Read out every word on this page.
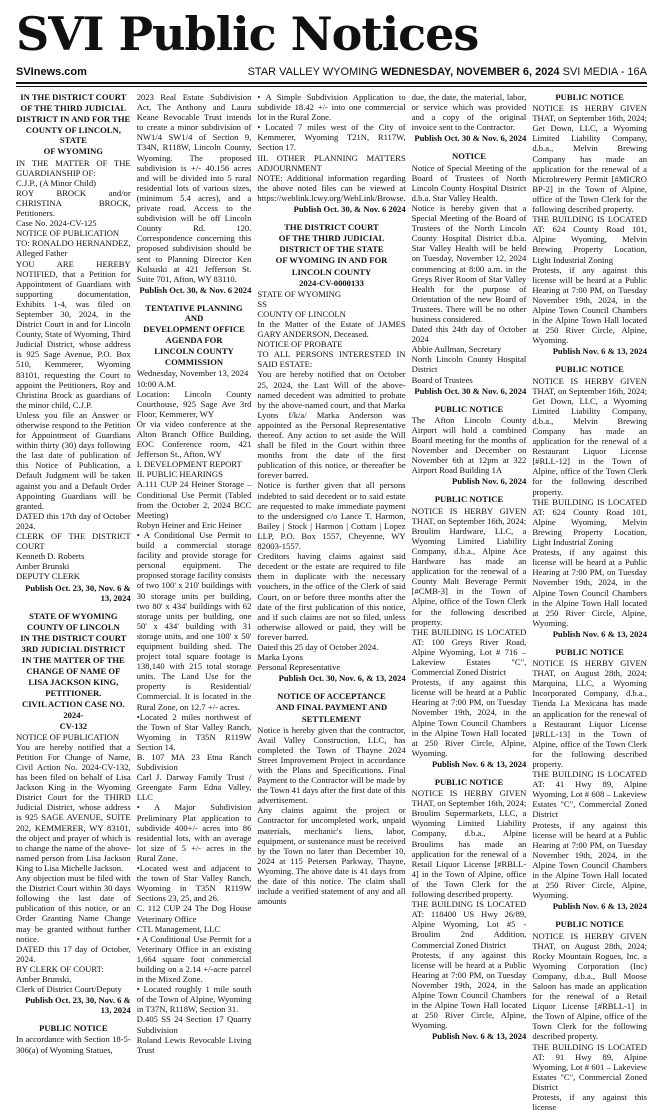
SVI Public Notices
SVInews.com	STAR VALLEY WYOMING WEDNESDAY, NOVEMBER 6, 2024 SVI MEDIA - 16A
IN THE DISTRICT COURT
OF THE THIRD JUDICIAL
DISTRICT IN AND FOR THE
COUNTY OF LINCOLN, STATE
OF WYOMING
IN THE MATTER OF THE GUARDIANSHIP OF:
C.J.P., (A Minor Child)
ROY BROCK and/or CHRISTINA BROCK, Petitioners.
Case No. 2024-CV-125
NOTICE OF PUBLICATION
TO: RONALDO HERNANDEZ, Alleged Father
YOU ARE HEREBY NOTIFIED, that a Petition for Appointment of Guardians with supporting documentation, Exhibits 1-4, was filed on September 30, 2024, in the District Court in and for Lincoln County, State of Wyoming, Third Judicial District, whose address is 925 Sage Avenue, P.O. Box 510, Kemmerer, Wyoming 83101, requesting the Court to appoint the Petitioners, Roy and Christina Brock as guardians of the minor child, C.J.P.
Unless you file an Answer or otherwise respond to the Petition for Appointment of Guardians within thirty (30) days following the last date of publication of this Notice of Publication, a Default Judgment will be taken against you and a Default Order Appointing Guardians will be granted.
DATED this 17th day of October 2024.
CLERK OF THE DISTRICT COURT
Kenneth D. Roberts
Amber Brunski
DEPUTY CLERK
Publish Oct. 23, 30, Nov. 6 & 13, 2024
STATE OF WYOMING
COUNTY OF LINCOLN
IN THE DISTRICT COURT
3RD JUDICIAL DISTRICT
IN THE MATTER OF THE
CHANGE OF NAME OF
LISA JACKSON KING,
PETITIONER.
CIVIL ACTION CASE NO. 2024-
CV-132
NOTICE OF PUBLICATION
You are hereby notified that a Petition For Change of Name, Civil Action No. 2024-CV-132, has been filed on behalf of Lisa Jackson King in the Wyoming District Court for the THIRD Judicial District, whose address is 925 SAGE AVENUE, SUITE 202, KEMMERER, WY 83101, the object and prayer of which is to change the name of the above-named person from Lisa Jackson King to Lisa Michelle Jackson.
Any objection must be filed with the District Court within 30 days following the last date of publication of this notice, or an Order Granting Name Change may be granted without further notice.
DATED this 17 day of October, 2024.
BY CLERK OF COURT:
Amber Brunski,
Clerk of District Court/Deputy
Publish Oct. 23, 30, Nov. 6 & 13, 2024
PUBLIC NOTICE
In accordance with Section 18-5-306(a) of Wyoming Statues,
2023 Real Estate Subdivision Act, The Anthony and Laura Keane Revocable Trust intends to create a minor subdivision of NW1/4 SW1/4 of Section 9, T34N, R118W, Lincoln County, Wyoming. The proposed subdivision is +/- 40.156 acres and will be divided into 5 rural residential lots of various sizes, (minimum 5.4 acres), and a private road. Access to the subdivision will be off Lincoln County Rd. 120. Correspondence concerning this proposed subdivision should be sent to Planning Director Ken Kulsuski at 421 Jefferson St. Suite 701, Afton, WY 83110.
Publish Oct. 30, & Nov. 6 2024
TENTATIVE PLANNING AND
DEVELOPMENT OFFICE
AGENDA FOR
LINCOLN COUNTY
COMMISSION
Wednesday, November 13, 2024
10:00 A.M.
Location: Lincoln County Courthouse, 925 Sage Ave 3rd Floor, Kemmerer, WY
Or via video conference at the Alton Branch Office Building, EOC Conference room, 421 Jefferson St., Afton, WY
I. DEVELOPMENT REPORT
II. PUBLIC HEARINGS
A.111 CUP 24 Heiner Storage – Conditional Use Permit (Tabled from the October 2, 2024 BCC Meeting)
Robyn Heiner and Eric Heiner
• A Conditional Use Permit to build a commercial storage facility and provide storage for personal equipment. The proposed storage facility consists of two 100' x 210' buildings with 30 storage units per building, two 80' x 434' buildings with 62 storage units per building, one 50' x 434' building with 31 storage units, and one 100' x 50' equipment building shed. The project total square footage is 138,140 with 215 total storage units. The Land Use for the property is Residential/ Commercial. It is located in the Rural Zone, on 12.7 +/- acres.
•Located 2 miles northwest of the Town of Star Valley Ranch, Wyoming in T35N R119W Section 14.
B. 107 MA 23 Etna Ranch Subdivision
Carl J. Darway Family Trust / Greengate Farm Edna Valley, LLC
• A Major Subdivision Preliminary Plat application to subdivide 400+/- acres into 86 residential lots, with an average lot size of 5 +/- acres in the Rural Zone.
•Located west and adjacent to the town of Star Valley Ranch, Wyoming in T35N R119W Sections 23, 25, and 26.
C. 112 CUP 24 The Dog House Veterinary Office
CTL Management, LLC
• A Conditional Use Permit for a Veterinary Office in an existing 1,664 square foot commercial building on a 2.14 +/-acre parcel in the Mixed Zone.
• Located roughly 1 mile south of the Town of Alpine, Wyoming in T37N, R118W, Section 31.
D.405 SS 24 Section 17 Quarry Subdivision
Roland Lewis Revocable Living Trust
• A Simple Subdivision Application to subdivide 18.42 +/- into one commercial lot in the Rural Zone.
• Located 7 miles west of the City of Kemmerer, Wyoming T21N, R117W, Section 17.
III. OTHER PLANNING MATTERS ADJOURNMENT
NOTE: Additional information regarding the above noted files can be viewed at https://weblink.lcwy.org/WebLink/Browse.
Publish Oct. 30, & Nov. 6 2024
THE DISTRICT COURT
OF THE THIRD JUDICIAL
DISTRICT OF THE STATE
OF WYOMING IN AND FOR
LINCOLN COUNTY
2024-CV-0000133
STATE OF WYOMING
SS
COUNTY OF LINCOLN
In the Matter of the Estate of JAMES GARY ANDERSON, Deceased.
NOTICE OF PROBATE
TO ALL PERSONS INTERESTED IN SAID ESTATE:
You are hereby notified that on October 25, 2024, the Last Will of the above-named decedent was admitted to probate by the above-named court, and that Marka Lyons f/k/a/ Marka Anderson was appointed as the Personal Representative thereof. Any action to set aside the Will shall be filed in the Court within three months from the date of the first publication of this notice, or thereafter be forever barred.
Notice is further given that all persons indebted to said decedent or to said estate are requested to make immediate payment to the undersigned c/o Lance T. Harmon, Bailey | Stock | Harmon | Cottam | Lopez LLP, P.O. Box 1557, Cheyenne, WY 82003-1557.
Creditors having claims against said decedent or the estate are required to file them in duplicate with the necessary vouchers, in the office of the Clerk of said Court, on or before three months after the date of the first publication of this notice, and if such claims are not so filed, unless otherwise allowed or paid, they will be forever barred.
Dated this 25 day of October 2024.
Marka Lyons
Personal Representative
Publish Oct. 30, Nov. 6, & 13, 2024
NOTICE OF ACCEPTANCE
AND FINAL PAYMENT AND
SETTLEMENT
Notice is hereby given that the contractor, Avail Valley Construction, LLC, has completed the Town of Thayne 2024 Street Improvement Project in accordance with the Plans and Specifications. Final Payment to the Contractor will be made by the Town 41 days after the first date of this advertisement.
Any claims against the project or Contractor for uncompleted work, unpaid materials, mechanic's liens, labor, equipment, or sustenance must be received by the Town no later than December 10, 2024 at 115 Petersen Parkway, Thayne, Wyoming. The above date is 41 days from the date of this notice. The claim shall include a verified statement of any and all amounts
due, the date, the material, labor, or service which was provided and a copy of the original invoice sent to the Contractor.
Publish Oct. 30 & Nov. 6, 2024
NOTICE
Notice of Special Meeting of the Board of Trustees of North Lincoln County Hospital District d.b.a. Star Valley Health.
Notice is hereby given that a Special Meeting of the Board of Trustees of the North Lincoln County Hospital District d.b.a. Star Valley Health will be held on Tuesday, November 12, 2024 commencing at 8:00 a.m. in the Greys River Room of Star Valley Health for the purpose of Orientation of the new Board of Trustees. There will be no other business considered.
Dated this 24th day of October 2024
Abbie Aullman, Secretary
North Lincoln County Hospital District
Board of Trustees
Publish Oct. 30 & Nov. 6, 2024
PUBLIC NOTICE
The Afton Lincoln County Airport will hold a combined Board meeting for the months of November and December on November 6th at 12pm at 322 Airport Road Building 1A
Publish Nov. 6, 2024
PUBLIC NOTICE
NOTICE IS HERBY GIVEN THAT, on September 16th, 2024; Broulim Hardware, LLC, a Wyoming Limited Liability Company, d.b.a., Alpine Ace Hardware has made an application for the renewal of a County Malt Beverage Permit [#CMB-3] in the Town of Alpine, office of the Town Clerk for the following described property.
THE BUILDING IS LOCATED AT: 100 Greys River Road, Alpine Wyoming, Lot # 716 – Lakeview Estates "C", Commercial Zoned District
Protests, if any against this license will be heard at a Public Hearing at 7:00 PM, on Tuesday November 19th, 2024, in the Alpine Town Council Chambers in the Alpine Town Hall located at 250 River Circle, Alpine, Wyoming.
Publish Nov. 6 & 13, 2024
PUBLIC NOTICE
NOTICE IS HERBY GIVEN THAT, on September 16th, 2024; Broulim Supermarkets, LLC, a Wyoming Limited Liability Company, d.b.a., Alpine Broulims has made an application for the renewal of a Retail Liquor License [#RBLL-4] in the Town of Alpine, office of the Town Clerk for the following described property.
THE BUILDING IS LOCATED AT: 118400 US Hwy 26/89, Alpine Wyoming, Lot #5 -Broulim 2nd Addition, Commercial Zoned District
Protests, if any against this license will be heard at a Public Hearing at 7:00 PM, on Tuesday November 19th, 2024, in the Alpine Town Council Chambers in the Alpine Town Hall located at 250 River Circle, Alpine, Wyoming.
Publish Nov. 6 & 13, 2024
PUBLIC NOTICE
NOTICE IS HERBY GIVEN THAT, on September 16th, 2024; Get Down, LLC, a Wyoming Limited Liability Company, d.b.a., Melvin Brewing Company has made an application for the renewal of a Microbrewery Permit [#MICRO BP-2] in the Town of Alpine, office of the Town Clerk for the following described property.
THE BUILDING IS LOCATED AT: 624 County Road 101, Alpine Wyoming, Melvin Brewing Property Location, Light Industrial Zoning
Protests, if any against this license will be heard at a Public Hearing at 7:00 PM, on Tuesday November 19th, 2024, in the Alpine Town Council Chambers in the Alpine Town Hall located at 250 River Circle, Alpine, Wyoming.
Publish Nov. 6 & 13, 2024
PUBLIC NOTICE
NOTICE IS HERBY GIVEN THAT, on September 16th, 2024; Get Down, LLC, a Wyoming Limited Liability Company, d.b.a., Melvin Brewing Company has made an application for the renewal of a Restaurant Liquor License [#RLL-12] in the Town of Alpine, office of the Town Clerk for the following described property.
THE BUILDING IS LOCATED AT: 624 County Road 101, Alpine Wyoming, Melvin Brewing Property Location, Light Industrial Zoning
Protests, if any against this license will be heard at a Public Hearing at 7:00 PM, on Tuesday November 19th, 2024, in the Alpine Town Council Chambers in the Alpine Town Hall located at 250 River Circle, Alpine, Wyoming.
Publish Nov. 6 & 13, 2024
PUBLIC NOTICE
NOTICE IS HERBY GIVEN THAT, on August 28th, 2024; Marquina, LLC, a Wyoming Incorporated Company, d.b.a., Tienda La Mexicana has made an application for the renewal of a Restaurant Liquor License [#RLL-13] in the Town of Alpine, office of the Town Clerk for the following described property.
THE BUILDING IS LOCATED AT: 41 Hwy 89, Alpine Wyoming, Lot # 608 – Lakeview Estates "C", Commercial Zoned District
Protests, if any against this license will be heard at a Public Hearing at 7:00 PM, on Tuesday November 19th, 2024, in the Alpine Town Council Chambers in the Alpine Town Hall located at 250 River Circle, Alpine, Wyoming.
Publish Nov. 6 & 13, 2024
PUBLIC NOTICE
NOTICE IS HERBY GIVEN THAT, on August 28th, 2024; Rocky Mountain Rogues, Inc. a Wyoming Corporation (Inc) Company, d.b.a., Bull Moose Saloon has made an application for the renewal of a Retail Liquor License [#RBLL-1] in the Town of Alpine, office of the Town Clerk for the following described property.
THE BUILDING IS LOCATED AT: 91 Hwy 89, Alpine Wyoming, Lot # 601 – Lakeview Estates "C", Commercial Zoned District
Protests, if any against this license
